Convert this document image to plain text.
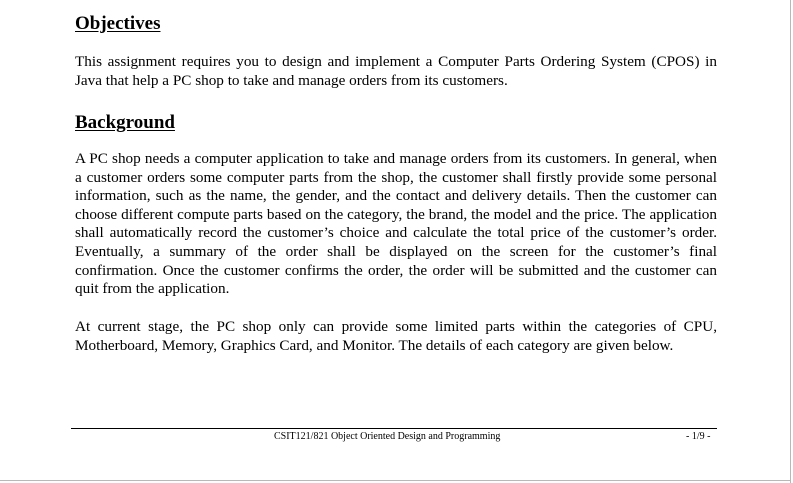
Objectives

This assignment requires you to design and implement a Computer Parts Ordering System (CPOS) in Java that help a PC shop to take and manage orders from its customers.

Background

A PC shop needs a computer application to take and manage orders from its customers. In general, when a customer orders some computer parts from the shop, the customer shall firstly provide some personal information, such as the name, the gender, and the contact and delivery details. Then the customer can choose different compute parts based on the category, the brand, the model and the price. The application shall automatically record the customer’s choice and calculate the total price of the customer’s order. Eventually, a summary of the order shall be displayed on the screen for the customer’s final confirmation. Once the customer confirms the order, the order will be submitted and the customer can quit from the application.

At current stage, the PC shop only can provide some limited parts within the categories of CPU, Motherboard, Memory, Graphics Card, and Monitor. The details of each category are given below.

CSIT121/821 Object Oriented Design and Programming	- 1/9 -
